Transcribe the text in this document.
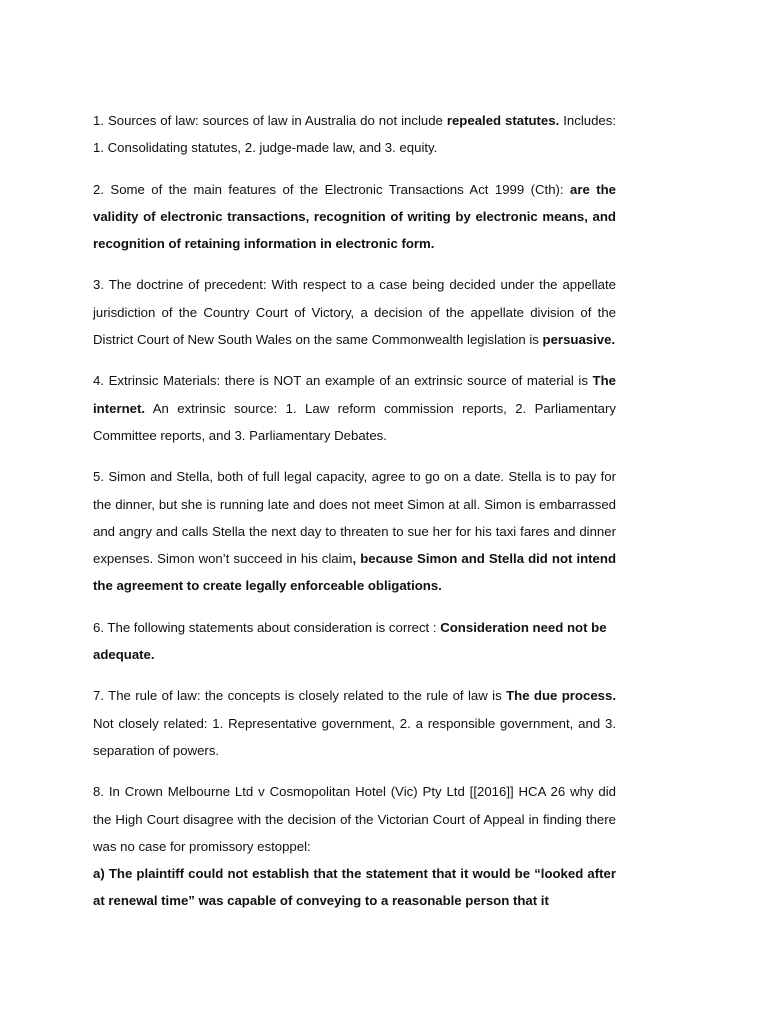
1. Sources of law: sources of law in Australia do not include repealed statutes. Includes: 1. Consolidating statutes, 2. judge-made law, and 3. equity.

2. Some of the main features of the Electronic Transactions Act 1999 (Cth): are the validity of electronic transactions, recognition of writing by electronic means, and recognition of retaining information in electronic form.

3. The doctrine of precedent: With respect to a case being decided under the appellate jurisdiction of the Country Court of Victory, a decision of the appellate division of the District Court of New South Wales on the same Commonwealth legislation is persuasive.

4. Extrinsic Materials: there is NOT an example of an extrinsic source of material is The internet. An extrinsic source: 1. Law reform commission reports, 2. Parliamentary Committee reports, and 3. Parliamentary Debates.

5. Simon and Stella, both of full legal capacity, agree to go on a date. Stella is to pay for the dinner, but she is running late and does not meet Simon at all. Simon is embarrassed and angry and calls Stella the next day to threaten to sue her for his taxi fares and dinner expenses. Simon won’t succeed in his claim, because Simon and Stella did not intend the agreement to create legally enforceable obligations.

6. The following statements about consideration is correct : Consideration need not be adequate.

7. The rule of law: the concepts is closely related to the rule of law is The due process. Not closely related: 1. Representative government, 2. a responsible government, and 3. separation of powers.

8. In Crown Melbourne Ltd v Cosmopolitan Hotel (Vic) Pty Ltd [[2016]] HCA 26 why did the High Court disagree with the decision of the Victorian Court of Appeal in finding there was no case for promissory estoppel:

a) The plaintiff could not establish that the statement that it would be “looked after at renewal time” was capable of conveying to a reasonable person that it
